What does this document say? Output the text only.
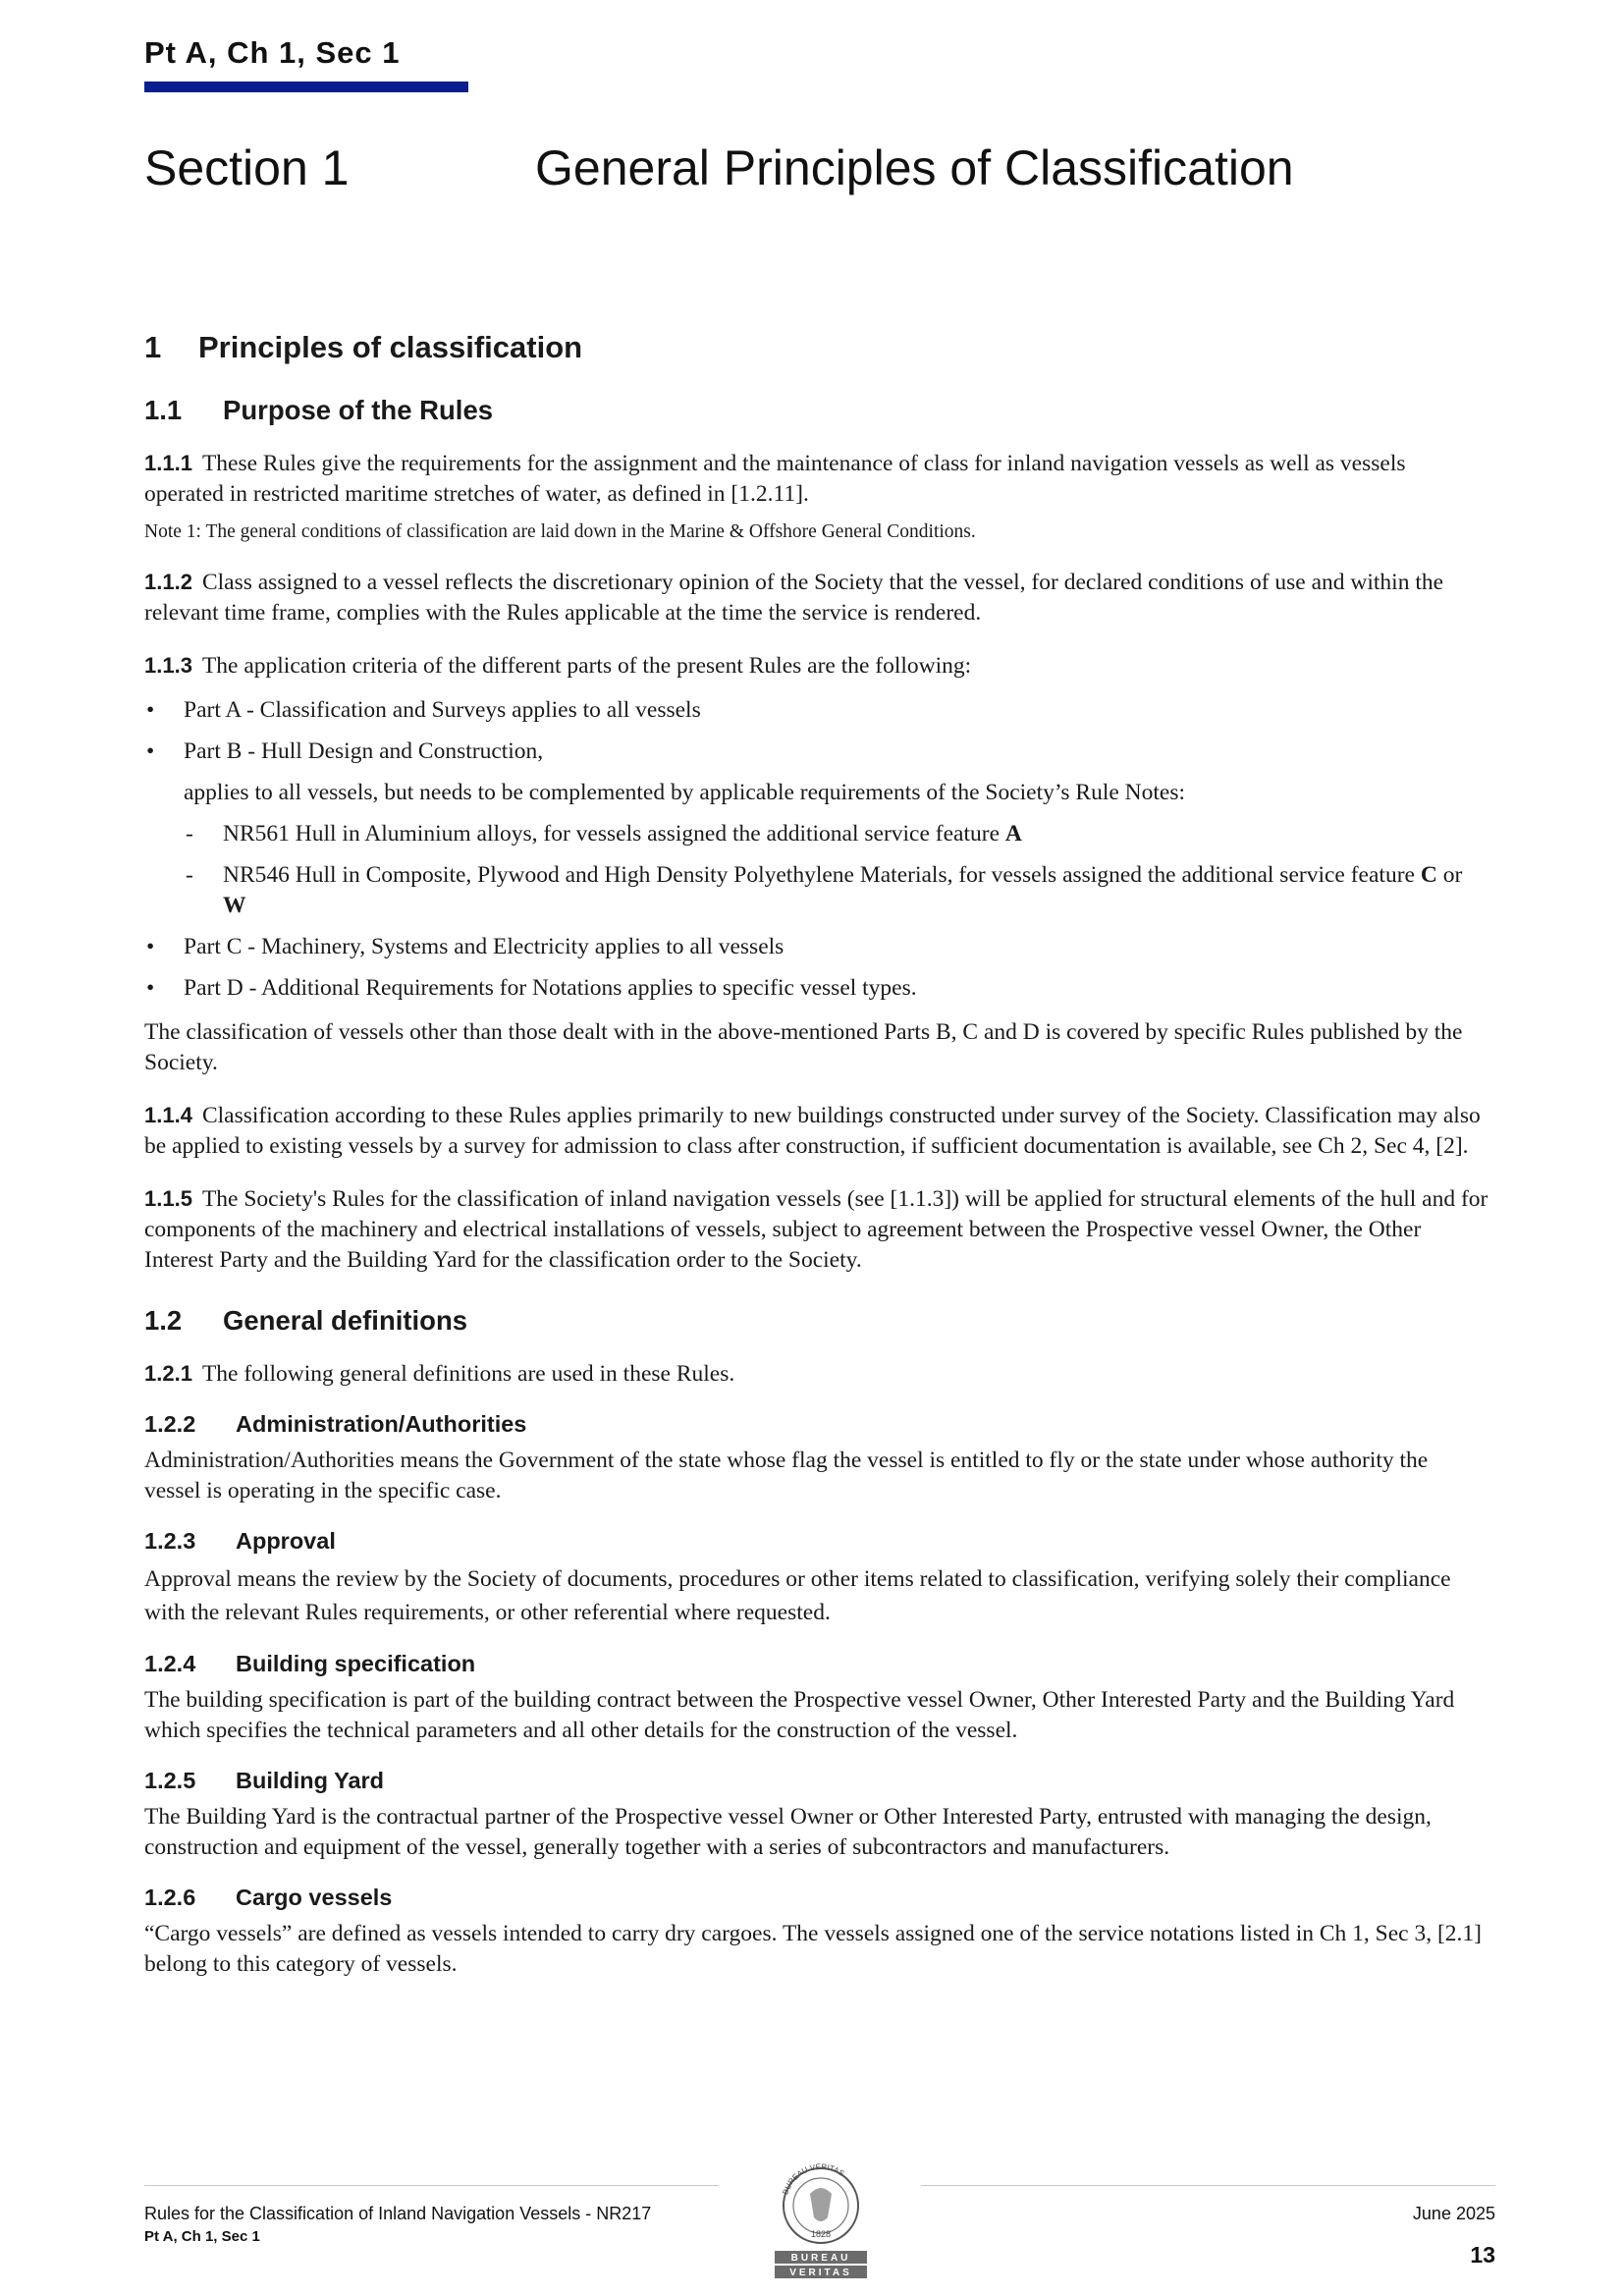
Pt A, Ch 1, Sec 1
Section 1	General Principles of Classification
1	Principles of classification
1.1	Purpose of the Rules

1.1.1 These Rules give the requirements for the assignment and the maintenance of class for inland navigation vessels as well as vessels operated in restricted maritime stretches of water, as defined in [1.2.11].

Note 1: The general conditions of classification are laid down in the Marine & Offshore General Conditions.

1.1.2 Class assigned to a vessel reflects the discretionary opinion of the Society that the vessel, for declared conditions of use and within the relevant time frame, complies with the Rules applicable at the time the service is rendered.

1.1.3 The application criteria of the different parts of the present Rules are the following:

• Part A - Classification and Surveys applies to all vessels
• Part B - Hull Design and Construction,
applies to all vessels, but needs to be complemented by applicable requirements of the Society’s Rule Notes:
- NR561 Hull in Aluminium alloys, for vessels assigned the additional service feature A
- NR546 Hull in Composite, Plywood and High Density Polyethylene Materials, for vessels assigned the additional service feature C or W
• Part C - Machinery, Systems and Electricity applies to all vessels
• Part D - Additional Requirements for Notations applies to specific vessel types.

The classification of vessels other than those dealt with in the above-mentioned Parts B, C and D is covered by specific Rules published by the Society.

1.1.4 Classification according to these Rules applies primarily to new buildings constructed under survey of the Society. Classification may also be applied to existing vessels by a survey for admission to class after construction, if sufficient documentation is available, see Ch 2, Sec 4, [2].

1.1.5 The Society's Rules for the classification of inland navigation vessels (see [1.1.3]) will be applied for structural elements of the hull and for components of the machinery and electrical installations of vessels, subject to agreement between the Prospective vessel Owner, the Other Interest Party and the Building Yard for the classification order to the Society.

1.2	General definitions

1.2.1 The following general definitions are used in these Rules.

1.2.2	Administration/Authorities

Administration/Authorities means the Government of the state whose flag the vessel is entitled to fly or the state under whose authority the vessel is operating in the specific case.

1.2.3	Approval

Approval means the review by the Society of documents, procedures or other items related to classification, verifying solely their compliance with the relevant Rules requirements, or other referential where requested.

1.2.4	Building specification

The building specification is part of the building contract between the Prospective vessel Owner, Other Interested Party and the Building Yard which specifies the technical parameters and all other details for the construction of the vessel.

1.2.5	Building Yard

The Building Yard is the contractual partner of the Prospective vessel Owner or Other Interested Party, entrusted with managing the design, construction and equipment of the vessel, generally together with a series of subcontractors and manufacturers.

1.2.6	Cargo vessels

“Cargo vessels” are defined as vessels intended to carry dry cargoes. The vessels assigned one of the service notations listed in Ch 1, Sec 3, [2.1] belong to this category of vessels.

Rules for the Classification of Inland Navigation Vessels - NR217
Pt A, Ch 1, Sec 1
BUREAU VERITAS
1828
BUREAU
VERITAS
June 2025
13
